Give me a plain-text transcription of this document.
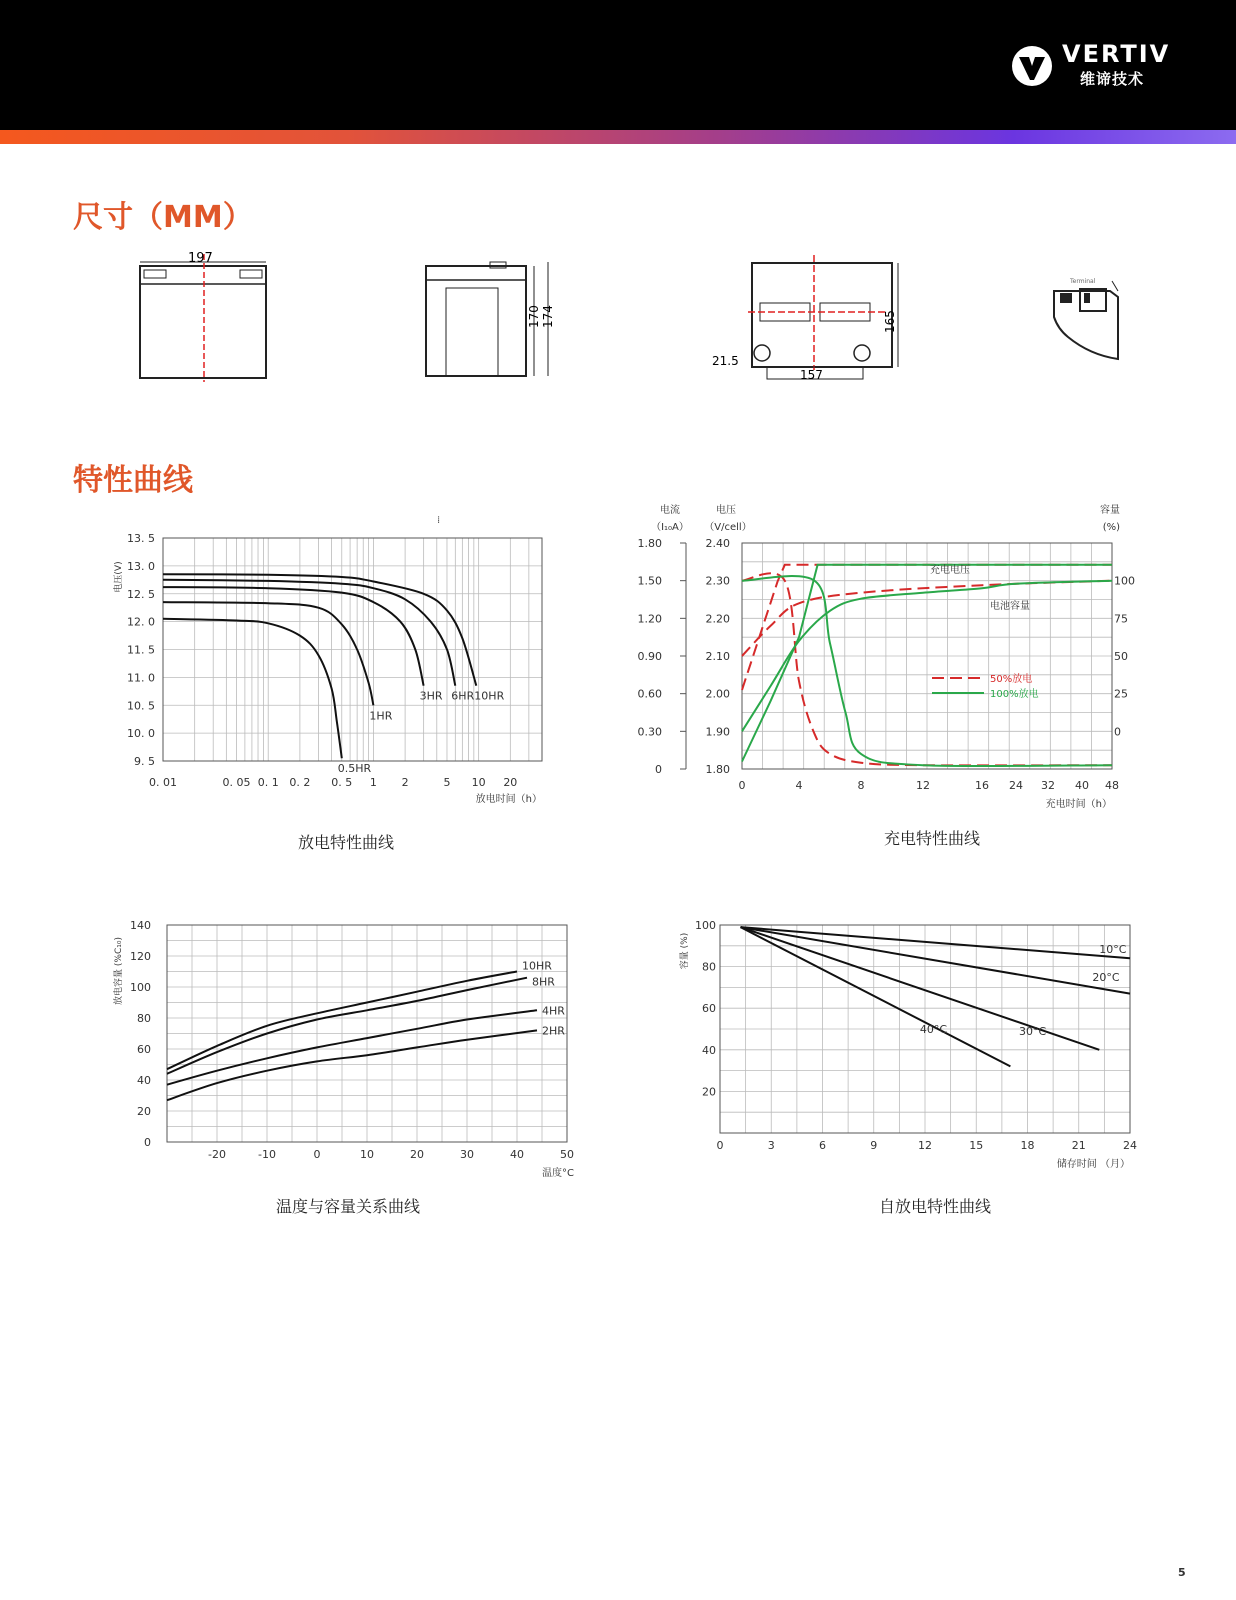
VERTIV
维谛技术
尺寸（MM）
197
170 174	165
157
21.5
Terminal
特性曲线
13. 5
13. 0
12. 5
12. 0
11. 5
11. 0
10. 5
10. 0
9. 5
0. 01	0. 05 0. 1 0. 2 0. 5 1 2	5 10 20
电压(V)
放电时间（h）
⁞
0.5HR
1HR
3HR 6HR 10HR
放电特性曲线
1.80
1.50
1.20
0.90
0.60
0.30
0
2.40
2.30
2.20
2.10
2.00
1.90
1.80
100
75
50
25
0
0	4	8	12	16 24 32 40 48
电流
（I₁₀A）
电压
（V/cell）
容量
(%)
充电时间（h）
充电电压
电池容量
50%放电
100%放电
充电特性曲线
140
120
100
80
60
40
20
0
-20	-10	0	10	20	30	40	50
放电容量 (%C₁₀)
温度°C
10HR
8HR
4HR
2HR
温度与容量关系曲线
100
80
60
40
20
0	3	6	9	12	15	18	21	24
容量 (%)
储存时间 （月）
10°C
20°C
30°C
40°C
自放电特性曲线
5
